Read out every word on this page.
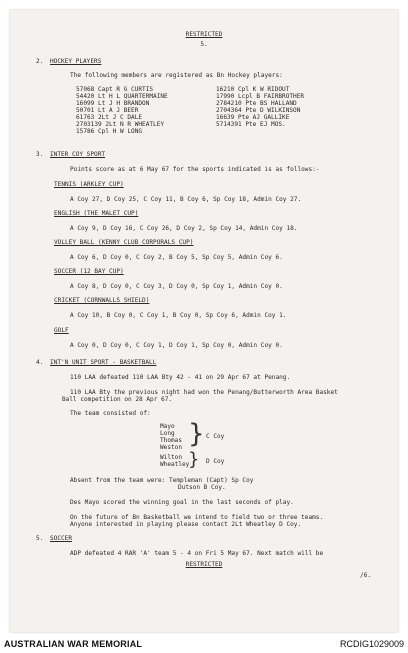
RESTRICTED
5.
2. HOCKEY PLAYERS
The following members are registered as Bn Hockey players:
57068 Capt R G CURTIS
54420 Lt H L QUARTERMAINE
16099 Lt J H BRANDON
50701 Lt A J BEER
61763 2Lt J C DALE
2703139 2Lt N R WHEATLEY
15786 Cpl H W LONG
16210 Cpl K W RIDOUT
17990 Lcpl B FAIRBROTHER
2784210 Pte BS HALLAND
2704364 Pte D WILKINSON
16639 Pte AJ GALLIKE
5714391 Pte EJ MOS.
3. INTER COY SPORT
Points score as at 6 May 67 for the sports indicated is as follows:-
TENNIS (ARKLEY CUP)
A Coy 27, D Coy 25, C Coy 11, B Coy 6, Sp Coy 18, Admin Coy 27.
ENGLISH (THE MALET CUP)
A Coy 9, D Coy 16, C Coy 26, D Coy 2, Sp Coy 14, Admin Coy 18.
VOLLEY BALL (KENNY CLUB CORPORALS CUP)
A Coy 6, D Coy 0, C Coy 2, B Coy 5, Sp Coy 5, Admin Coy 6.
SOCCER (12 BAY CUP)
A Coy 8, D Coy 0, C Coy 3, D Coy 0, Sp Coy 1, Admin Coy 0.
CRICKET (CORNWALLS SHIELD)
A Coy 10, B Coy 0, C Coy 1, B Coy 0, Sp Coy 6, Admin Coy 1.
GOLF
A Coy 0, D Coy 0, C Coy 1, D Coy 1, Sp Coy 0, Admin Coy 0.
4. INT'N UNIT SPORT - BASKETBALL
110 LAA defeated 110 LAA Bty 42 - 41 on 29 Apr 67 at Penang.
110 LAA Bty the previous night had won the Penang/Butterworth Area Basket
Ball competition on 28 Apr 67.
The team consisted of:
Mayo
Long
Thomas
Weston } C Coy
Wilton
Wheatley
} D Coy
Absent from the team were: Templeman (Capt) Sp Coy
Dutson B Coy.
Des Mayo scored the winning goal in the last seconds of play.
On the future of Bn Basketball we intend to field two or three teams.
Anyone interested in playing please contact 2Lt Wheatley D Coy.
5. SOCCER
ADP defeated 4 RAR 'A' team 5 - 4 on Fri 5 May 67. Next match will be
RESTRICTED
/6.
AUSTRALIAN WAR MEMORIAL	RCDIG1029009
